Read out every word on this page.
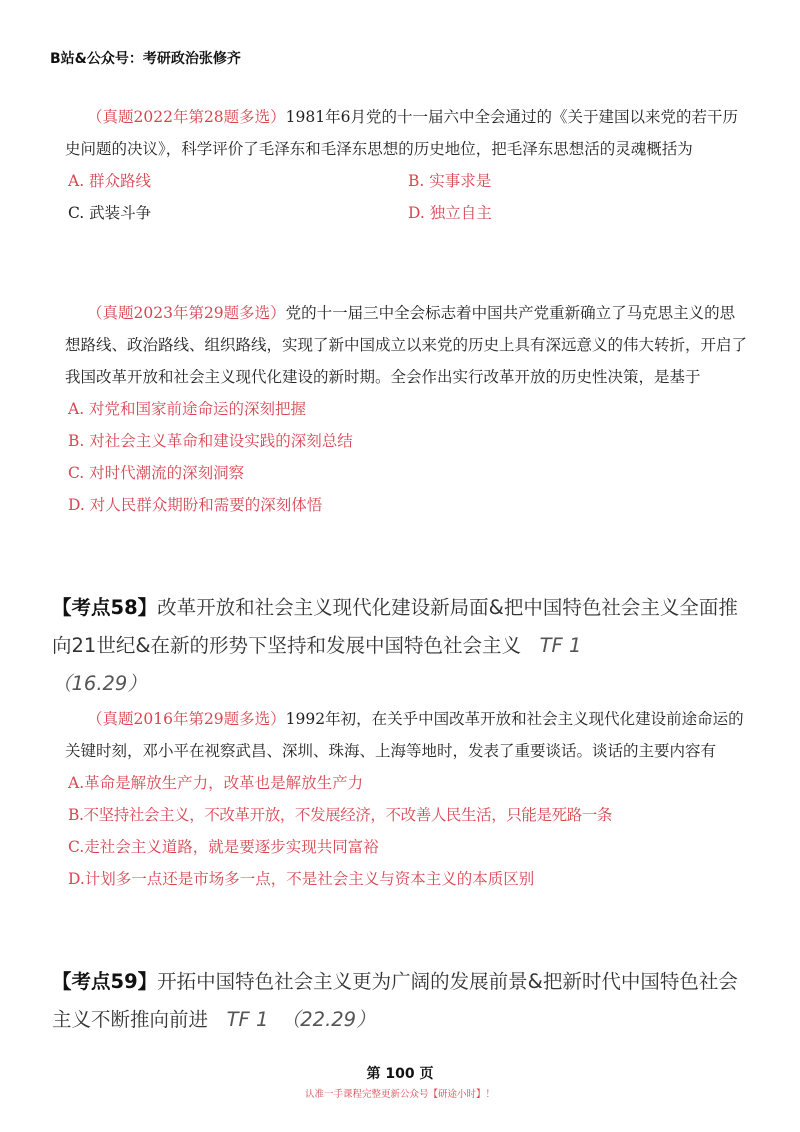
B站&公众号：考研政治张修齐
（真题2022年第28题多选）1981年6月党的十一届六中全会通过的《关于建国以来党的若干历史问题的决议》，科学评价了毛泽东和毛泽东思想的历史地位，把毛泽东思想活的灵魂概括为
A. 群众路线	B. 实事求是
C. 武装斗争	D. 独立自主
（真题2023年第29题多选）党的十一届三中全会标志着中国共产党重新确立了马克思主义的思想路线、政治路线、组织路线，实现了新中国成立以来党的历史上具有深远意义的伟大转折，开启了我国改革开放和社会主义现代化建设的新时期。全会作出实行改革开放的历史性决策，是基于
A. 对党和国家前途命运的深刻把握
B. 对社会主义革命和建设实践的深刻总结
C. 对时代潮流的深刻洞察
D. 对人民群众期盼和需要的深刻体悟
【考点58】改革开放和社会主义现代化建设新局面&把中国特色社会主义全面推向21世纪&在新的形势下坚持和发展中国特色社会主义 TF 1
（16.29）
（真题2016年第29题多选）1992年初，在关乎中国改革开放和社会主义现代化建设前途命运的关键时刻，邓小平在视察武昌、深圳、珠海、上海等地时，发表了重要谈话。谈话的主要内容有
A.革命是解放生产力，改革也是解放生产力
B.不坚持社会主义，不改革开放，不发展经济，不改善人民生活，只能是死路一条
C.走社会主义道路，就是要逐步实现共同富裕
D.计划多一点还是市场多一点，不是社会主义与资本主义的本质区别
【考点59】开拓中国特色社会主义更为广阔的发展前景&把新时代中国特色社会主义不断推向前进 TF 1 （22.29）
第 100 页
认准一手课程完整更新公众号【研途小时】！
